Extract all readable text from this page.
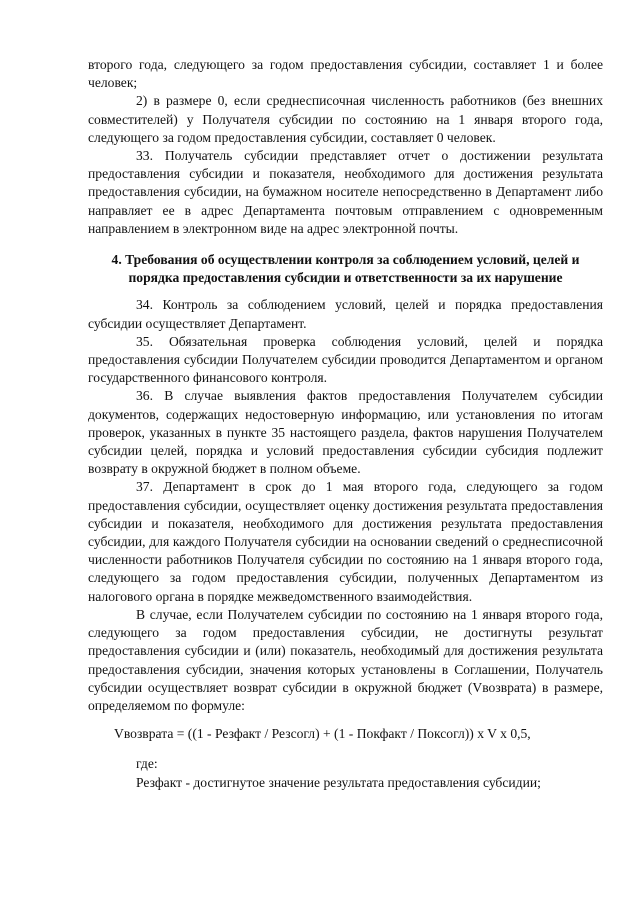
второго года, следующего за годом предоставления субсидии, составляет 1 и более человек;

2) в размере 0, если среднесписочная численность работников (без внешних совместителей) у Получателя субсидии по состоянию на 1 января второго года, следующего за годом предоставления субсидии, составляет 0 человек.

33. Получатель субсидии представляет отчет о достижении результата предоставления субсидии и показателя, необходимого для достижения результата предоставления субсидии, на бумажном носителе непосредственно в Департамент либо направляет ее в адрес Департамента почтовым отправлением с одновременным направлением в электронном виде на адрес электронной почты.

4. Требования об осуществлении контроля за соблюдением условий, целей и порядка предоставления субсидии и ответственности за их нарушение

34. Контроль за соблюдением условий, целей и порядка предоставления субсидии осуществляет Департамент.

35. Обязательная проверка соблюдения условий, целей и порядка предоставления субсидии Получателем субсидии проводится Департаментом и органом государственного финансового контроля.

36. В случае выявления фактов предоставления Получателем субсидии документов, содержащих недостоверную информацию, или установления по итогам проверок, указанных в пункте 35 настоящего раздела, фактов нарушения Получателем субсидии целей, порядка и условий предоставления субсидии субсидия подлежит возврату в окружной бюджет в полном объеме.

37. Департамент в срок до 1 мая второго года, следующего за годом предоставления субсидии, осуществляет оценку достижения результата предоставления субсидии и показателя, необходимого для достижения результата предоставления субсидии, для каждого Получателя субсидии на основании сведений о среднесписочной численности работников Получателя субсидии по состоянию на 1 января второго года, следующего за годом предоставления субсидии, полученных Департаментом из налогового органа в порядке межведомственного взаимодействия.

В случае, если Получателем субсидии по состоянию на 1 января второго года, следующего за годом предоставления субсидии, не достигнуты результат предоставления субсидии и (или) показатель, необходимый для достижения результата предоставления субсидии, значения которых установлены в Соглашении, Получатель субсидии осуществляет возврат субсидии в окружной бюджет (Vвозврата) в размере, определяемом по формуле:

Vвозврата = ((1 - Резфакт / Резсогл) + (1 - Покфакт / Поксогл)) x V x 0,5,
где:
Резфакт - достигнутое значение результата предоставления субсидии;
